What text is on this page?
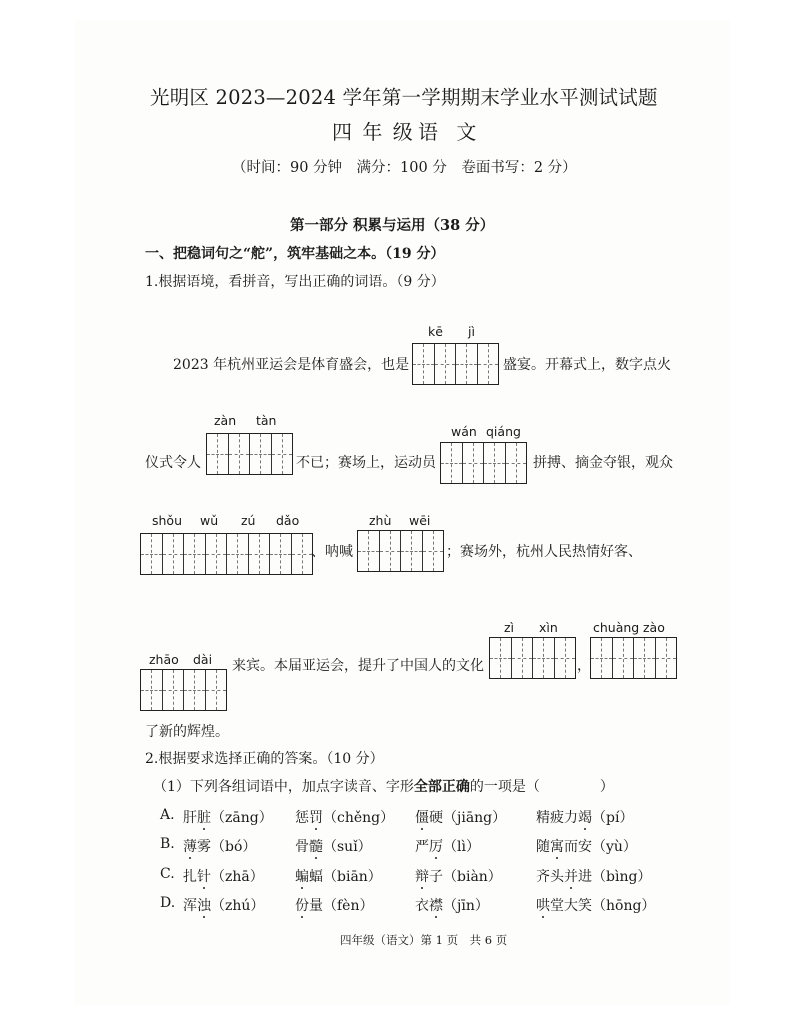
光明区 2023—2024 学年第一学期期末学业水平测试试题
四 年 级 语 文
（时间：90 分钟　满分：100 分　卷面书写：2 分）
第一部分 积累与运用（38 分）
一、把稳词句之“舵”，筑牢基础之本。（19 分）
1.根据语境，看拼音，写出正确的词语。（9 分）
kē jì
2023 年杭州亚运会是体育盛会，也是	盛宴。开幕式上，数字点火
zàn tàn
仪式令人	不已；赛场上，运动员
wán qiáng
拼搏、摘金夺银，观众
shǒu wǔ zú dǎo
、呐喊
zhù wēi
；赛场外，杭州人民热情好客、
zì xìn	chuàng zào
，
zhāo dài 来宾。本届亚运会，提升了中国人的文化
了新的辉煌。
2.根据要求选择正确的答案。（10 分）
（1）下列各组词语中，加点字读音、字形全部正确的一项是（	）
A. 肝脏（zāng） 惩罚（chěng） 僵硬（jiāng） 精疲力竭（pí）
B. 薄雾（bó）	骨髓（suǐ）	严厉（lì）	随寓而安（yù）
C. 扎针（zhā） 蝙蝠（biān） 辩子（biàn） 齐头并进（bìng）
D. 浑浊（zhú） 份量（fèn）	衣襟（jīn）	哄堂大笑（hōng）
四年级（语文）第 1 页　共 6 页
